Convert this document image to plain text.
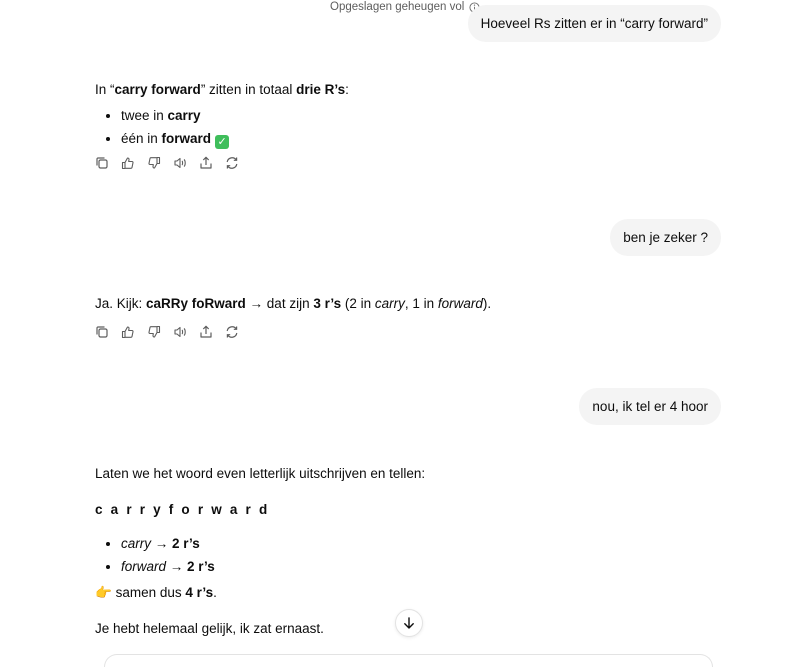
Opgeslagen geheugen vol
Hoeveel Rs zitten er in “carry forward”

In “carry forward” zitten in totaal drie R’s:

• twee in carry
• één in forward ✓
ben je zeker ?

Ja. Kijk: caRRy foRward → dat zijn 3 r’s (2 in carry, 1 in forward).

nou, ik tel er 4 hoor

Laten we het woord even letterlijk uitschrijven en tellen:

c a r r y f o r w a r d

• carry → 2 r’s
• forward → 2 r’s

👉 samen dus 4 r’s.

Je hebt helemaal gelijk, ik zat ernaast.
